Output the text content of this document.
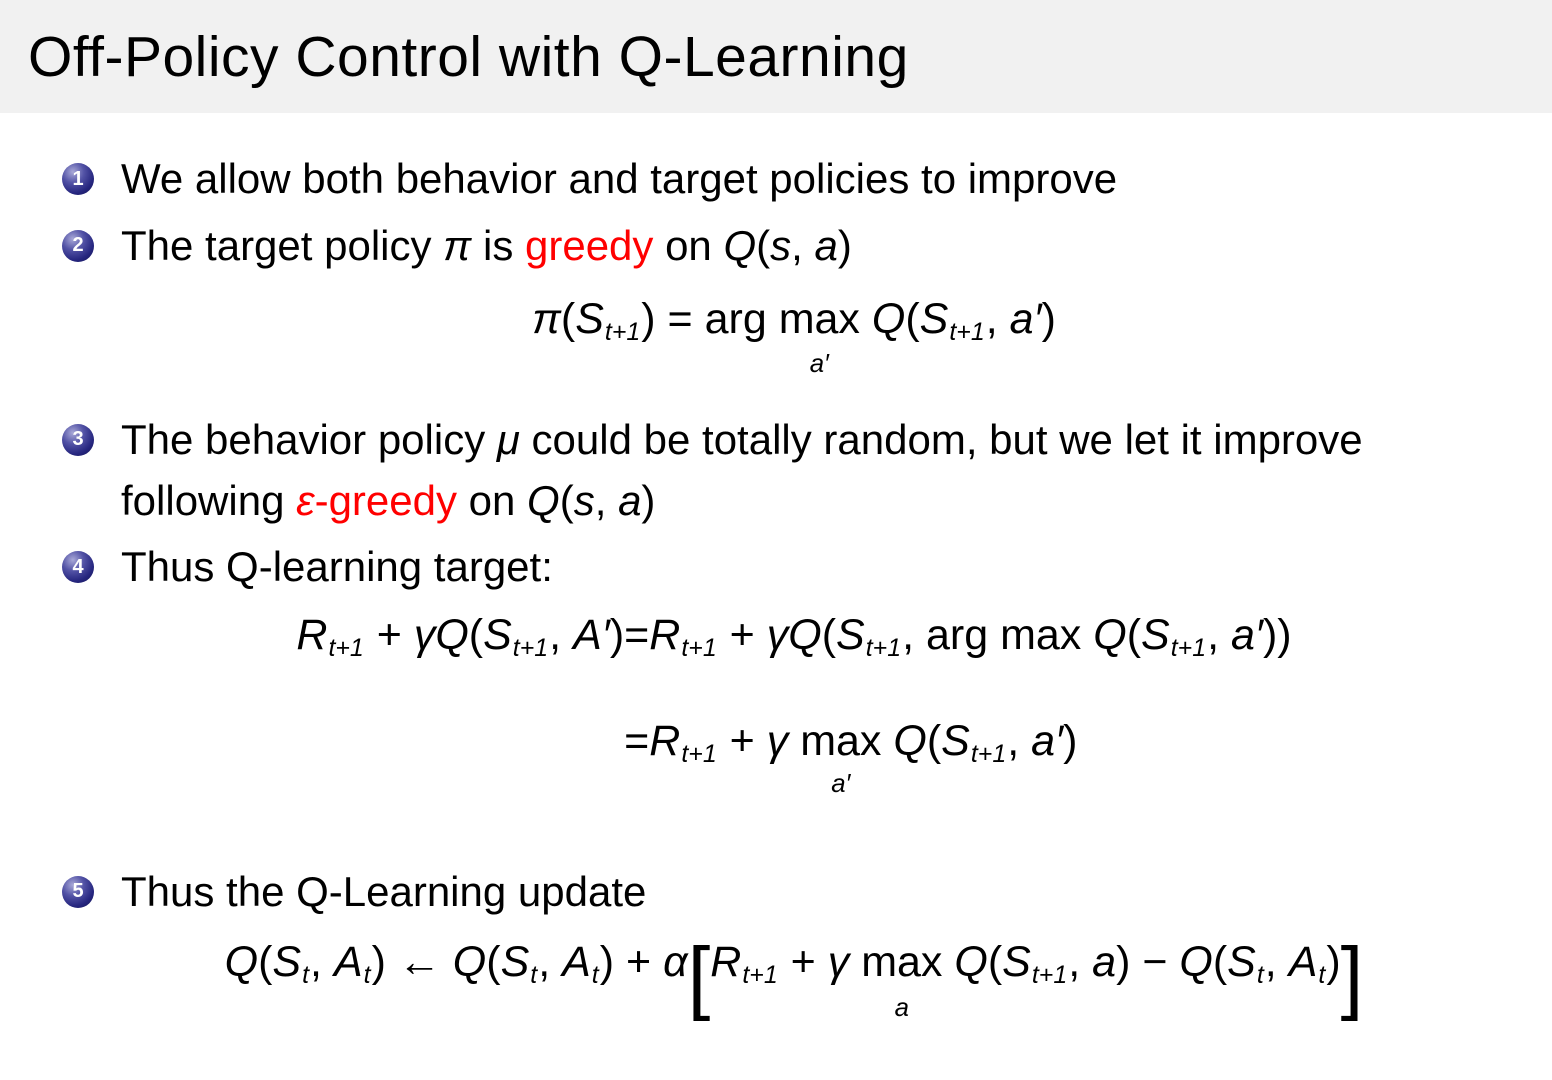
Off-Policy Control with Q-Learning
1 We allow both behavior and target policies to improve
2 The target policy π is greedy on Q(s, a)
π(St+1) = arg max
a′
Q(St+1, a′)
3 The behavior policy μ could be totally random, but we let it improve
following ε-greedy on Q(s, a)
4 Thus Q-learning target:
Rt+1 + γQ(St+1, A′) =Rt+1 + γQ(St+1, arg max Q(St+1, a′))
=Rt+1 + γ max
a′
Q(St+1, a′)
5 Thus the Q-Learning update
Q(St, At) ← Q(St, At) + α[Rt+1 + γ max
a
Q(St+1, a) − Q(St, At)]
